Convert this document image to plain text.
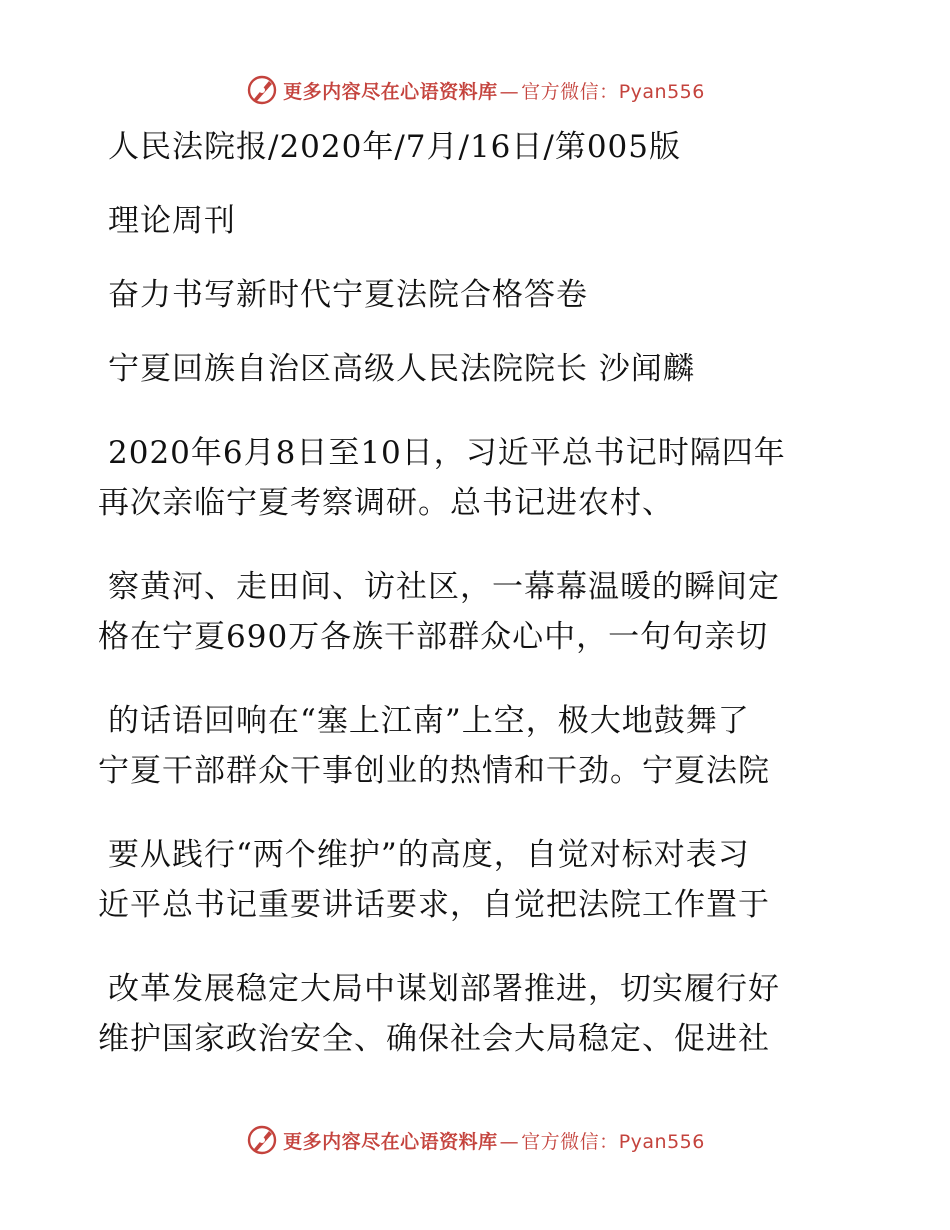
更多内容尽在心语资料库 — 官方微信：Pyan556
人民法院报/2020年/7月/16日/第005版
理论周刊
奋力书写新时代宁夏法院合格答卷
宁夏回族自治区高级人民法院院长 沙闻麟
2020年6月8日至10日，习近平总书记时隔四年
再次亲临宁夏考察调研。总书记进农村、
察黄河、走田间、访社区，一幕幕温暖的瞬间定
格在宁夏690万各族干部群众心中，一句句亲切
的话语回响在“塞上江南”上空，极大地鼓舞了
宁夏干部群众干事创业的热情和干劲。宁夏法院
要从践行“两个维护”的高度，自觉对标对表习
近平总书记重要讲话要求，自觉把法院工作置于
改革发展稳定大局中谋划部署推进，切实履行好
维护国家政治安全、确保社会大局稳定、促进社
更多内容尽在心语资料库 — 官方微信：Pyan556
